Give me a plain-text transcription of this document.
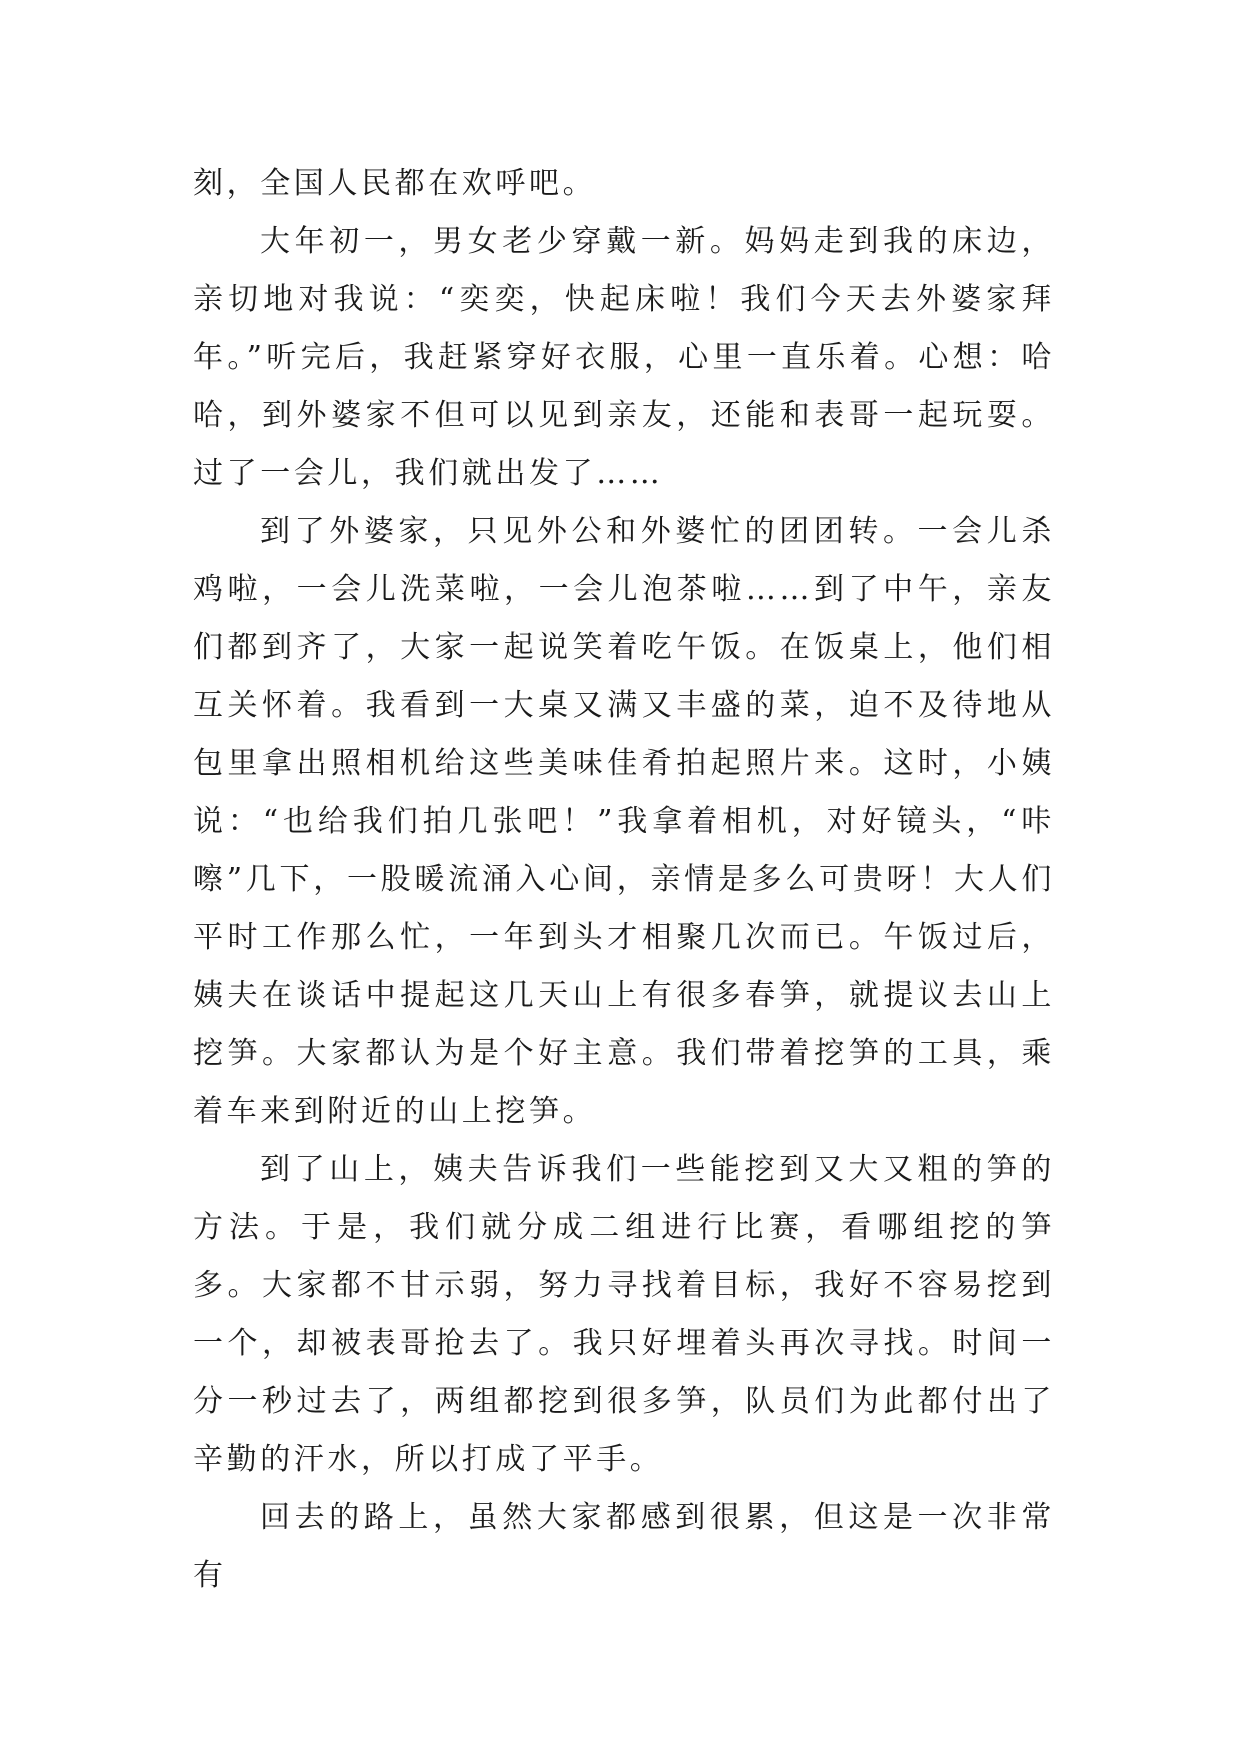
刻，全国人民都在欢呼吧。

大年初一，男女老少穿戴一新。妈妈走到我的床边，亲切地对我说：“奕奕，快起床啦！我们今天去外婆家拜年。”听完后，我赶紧穿好衣服，心里一直乐着。心想：哈哈，到外婆家不但可以见到亲友，还能和表哥一起玩耍。过了一会儿，我们就出发了……

到了外婆家，只见外公和外婆忙的团团转。一会儿杀鸡啦，一会儿洗菜啦，一会儿泡茶啦……到了中午，亲友们都到齐了，大家一起说笑着吃午饭。在饭桌上，他们相互关怀着。我看到一大桌又满又丰盛的菜，迫不及待地从包里拿出照相机给这些美味佳肴拍起照片来。这时，小姨说：“也给我们拍几张吧！”我拿着相机，对好镜头，“咔嚓”几下，一股暖流涌入心间，亲情是多么可贵呀！大人们平时工作那么忙，一年到头才相聚几次而已。午饭过后，姨夫在谈话中提起这几天山上有很多春笋，就提议去山上挖笋。大家都认为是个好主意。我们带着挖笋的工具，乘着车来到附近的山上挖笋。

到了山上，姨夫告诉我们一些能挖到又大又粗的笋的方法。于是，我们就分成二组进行比赛，看哪组挖的笋多。大家都不甘示弱，努力寻找着目标，我好不容易挖到一个，却被表哥抢去了。我只好埋着头再次寻找。时间一分一秒过去了，两组都挖到很多笋，队员们为此都付出了辛勤的汗水，所以打成了平手。

回去的路上，虽然大家都感到很累，但这是一次非常有
